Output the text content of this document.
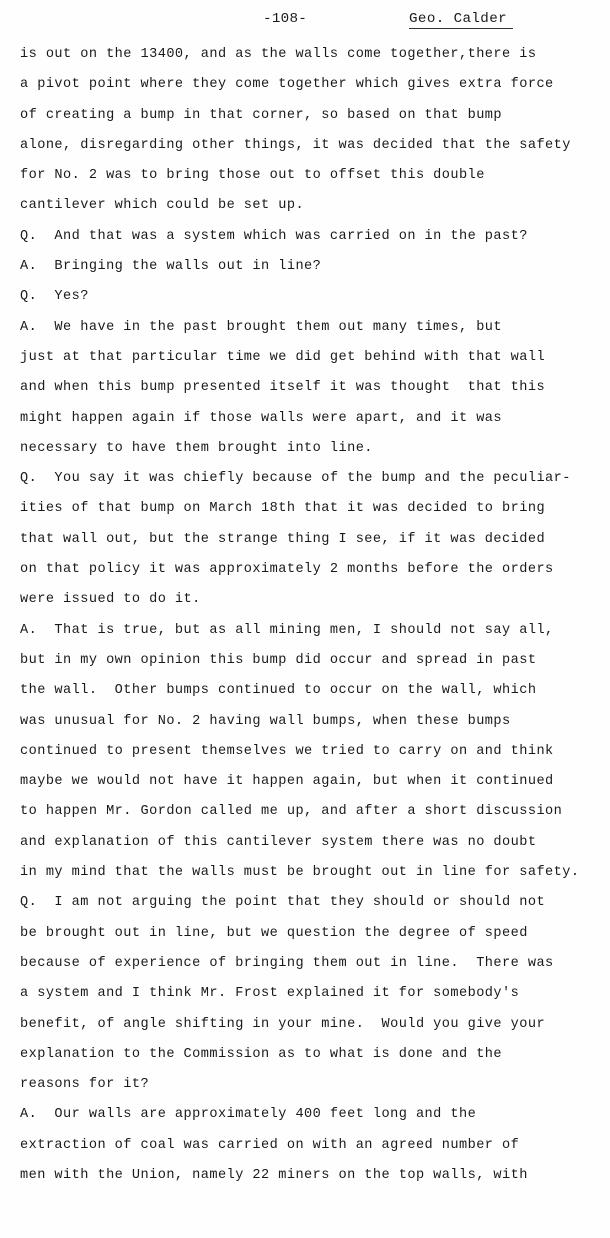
-108-	Geo. Calder
is out on the 13400, and as the walls come together,there is
a pivot point where they come together which gives extra force
of creating a bump in that corner, so based on that bump
alone, disregarding other things, it was decided that the safety
for No. 2 was to bring those out to offset this double
cantilever which could be set up.
Q.  And that was a system which was carried on in the past?
A.  Bringing the walls out in line?
Q.  Yes?
A.  We have in the past brought them out many times, but
just at that particular time we did get behind with that wall
and when this bump presented itself it was thought  that this
might happen again if those walls were apart, and it was
necessary to have them brought into line.
Q.  You say it was chiefly because of the bump and the peculiar-
ities of that bump on March 18th that it was decided to bring
that wall out, but the strange thing I see, if it was decided
on that policy it was approximately 2 months before the orders
were issued to do it.
A.  That is true, but as all mining men, I should not say all,
but in my own opinion this bump did occur and spread in past
the wall.  Other bumps continued to occur on the wall, which
was unusual for No. 2 having wall bumps, when these bumps
continued to present themselves we tried to carry on and think
maybe we would not have it happen again, but when it continued
to happen Mr. Gordon called me up, and after a short discussion
and explanation of this cantilever system there was no doubt
in my mind that the walls must be brought out in line for safety.
Q.  I am not arguing the point that they should or should not
be brought out in line, but we question the degree of speed
because of experience of bringing them out in line.  There was
a system and I think Mr. Frost explained it for somebody's
benefit, of angle shifting in your mine.  Would you give your
explanation to the Commission as to what is done and the
reasons for it?
A.  Our walls are approximately 400 feet long and the
extraction of coal was carried on with an agreed number of
men with the Union, namely 22 miners on the top walls, with
